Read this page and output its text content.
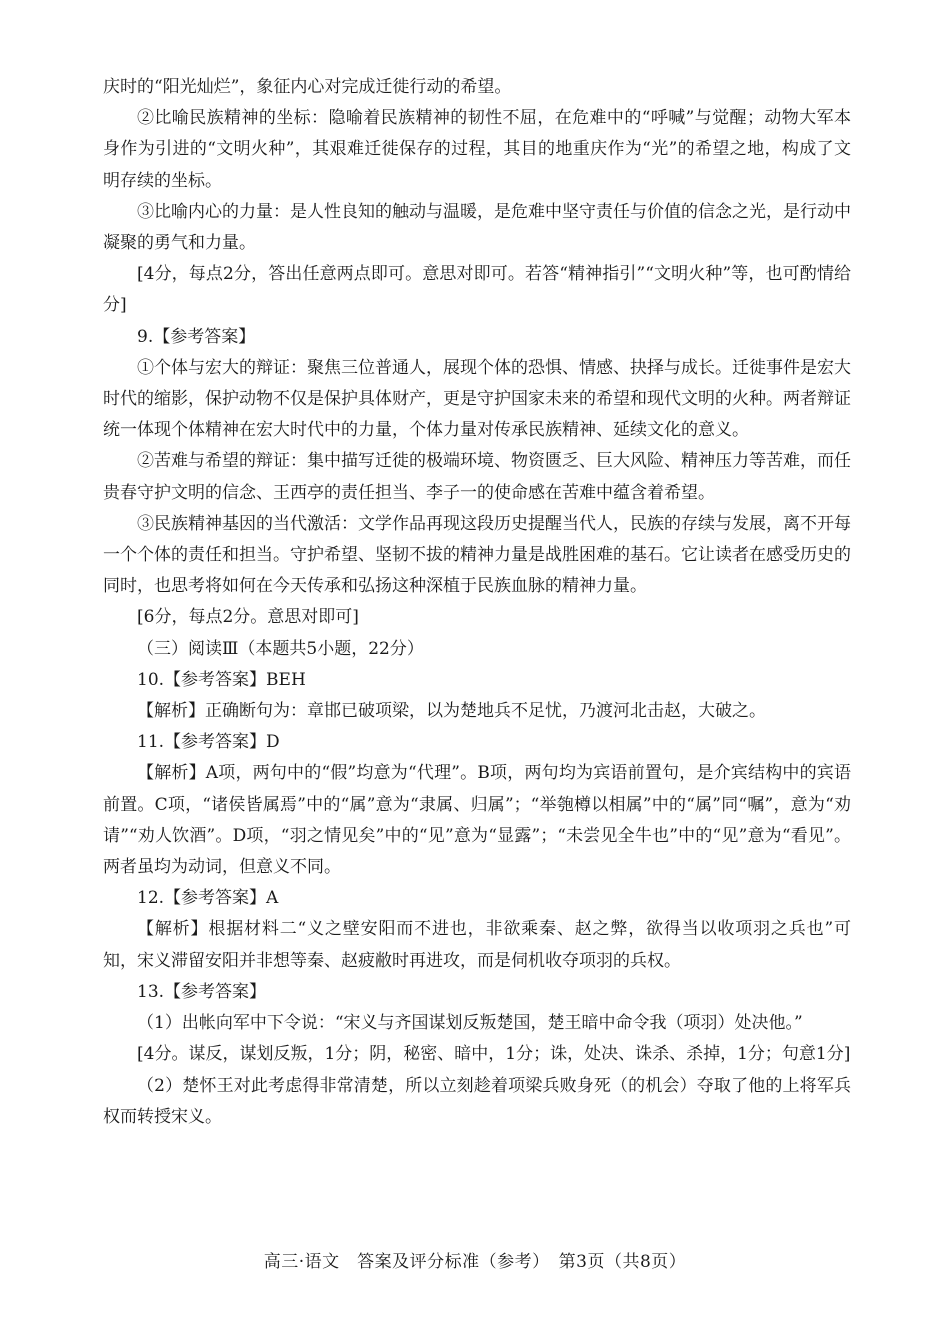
庆时的“阳光灿烂”，象征内心对完成迁徙行动的希望。

②比喻民族精神的坐标：隐喻着民族精神的韧性不屈，在危难中的“呼喊”与觉醒；动物大军本身作为引进的“文明火种”，其艰难迁徙保存的过程，其目的地重庆作为“光”的希望之地，构成了文明存续的坐标。

③比喻内心的力量：是人性良知的触动与温暖，是危难中坚守责任与价值的信念之光，是行动中凝聚的勇气和力量。

[4分，每点2分，答出任意两点即可。意思对即可。若答“精神指引”“文明火种”等，也可酌情给分]

9.【参考答案】

①个体与宏大的辩证：聚焦三位普通人，展现个体的恐惧、情感、抉择与成长。迁徙事件是宏大时代的缩影，保护动物不仅是保护具体财产，更是守护国家未来的希望和现代文明的火种。两者辩证统一体现个体精神在宏大时代中的力量，个体力量对传承民族精神、延续文化的意义。

②苦难与希望的辩证：集中描写迁徙的极端环境、物资匮乏、巨大风险、精神压力等苦难，而任贵春守护文明的信念、王西亭的责任担当、李子一的使命感在苦难中蕴含着希望。

③民族精神基因的当代激活：文学作品再现这段历史提醒当代人，民族的存续与发展，离不开每一个个体的责任和担当。守护希望、坚韧不拔的精神力量是战胜困难的基石。它让读者在感受历史的同时，也思考将如何在今天传承和弘扬这种深植于民族血脉的精神力量。

[6分，每点2分。意思对即可]

（三）阅读Ⅲ（本题共5小题，22分）

10.【参考答案】BEH

【解析】正确断句为：章邯已破项梁，以为楚地兵不足忧，乃渡河北击赵，大破之。

11.【参考答案】D

【解析】A项，两句中的“假”均意为“代理”。B项，两句均为宾语前置句，是介宾结构中的宾语前置。C项，“诸侯皆属焉”中的“属”意为“隶属、归属”；“举匏樽以相属”中的“属”同“嘱”，意为“劝请”“劝人饮酒”。D项，“羽之情见矣”中的“见”意为“显露”；“未尝见全牛也”中的“见”意为“看见”。两者虽均为动词，但意义不同。

12.【参考答案】A

【解析】根据材料二“义之壁安阳而不进也，非欲乘秦、赵之弊，欲得当以收项羽之兵也”可知，宋义滞留安阳并非想等秦、赵疲敝时再进攻，而是伺机收夺项羽的兵权。

13.【参考答案】

（1）出帐向军中下令说：“宋义与齐国谋划反叛楚国，楚王暗中命令我（项羽）处决他。”

[4分。谋反，谋划反叛，1分；阴，秘密、暗中，1分；诛，处决、诛杀、杀掉，1分；句意1分]

（2）楚怀王对此考虑得非常清楚，所以立刻趁着项梁兵败身死（的机会）夺取了他的上将军兵权而转授宋义。

高三·语文　答案及评分标准（参考）　第3页（共8页）
